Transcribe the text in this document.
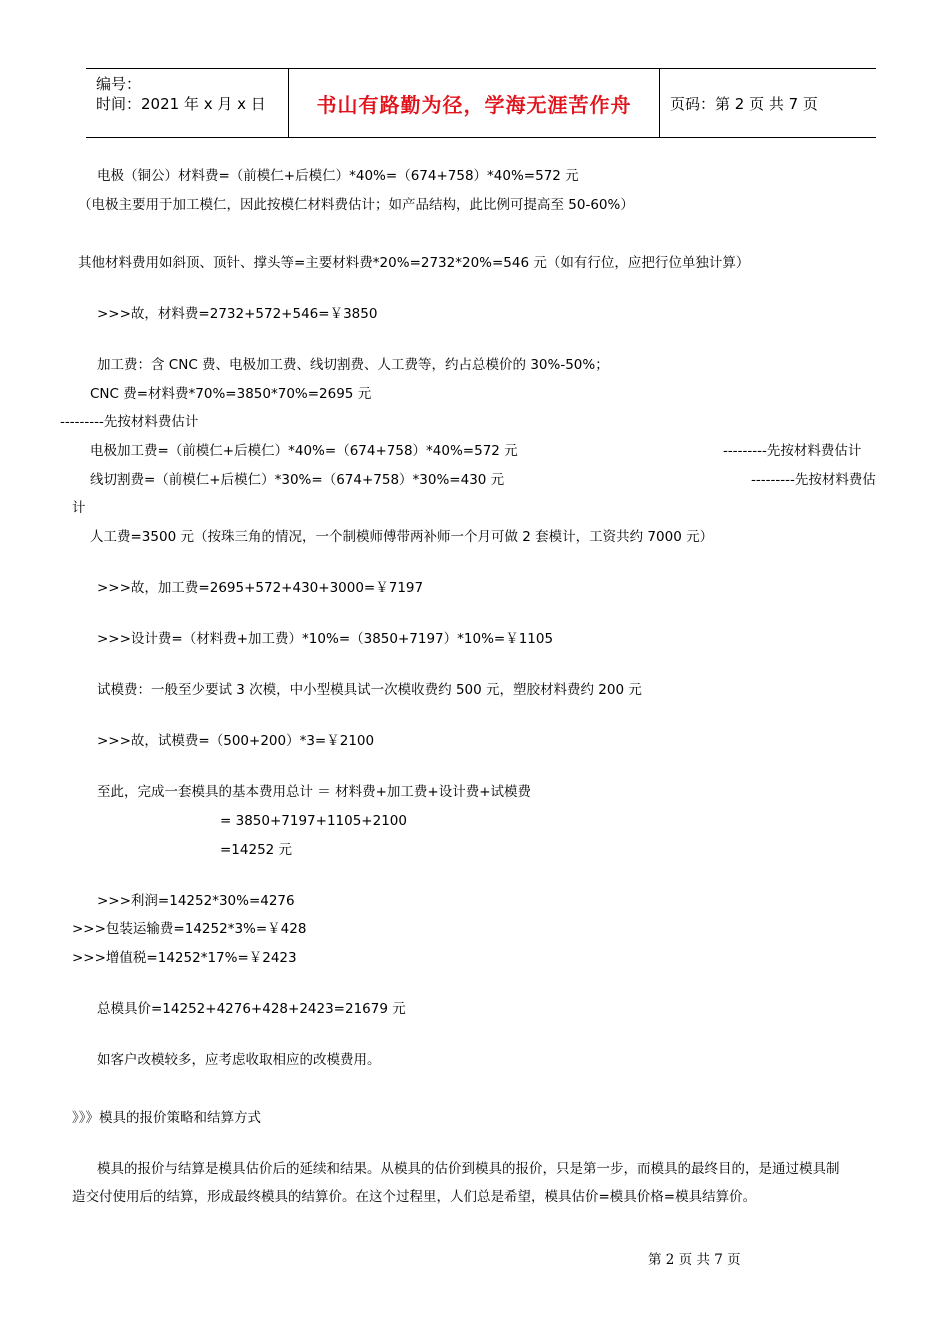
编号：
时间：2021 年 x 月 x 日	书山有路勤为径，学海无涯苦作舟	页码：第 2 页 共 7 页
电极（铜公）材料费=（前模仁+后模仁）*40%=（674+758）*40%=572 元
（电极主要用于加工模仁，因此按模仁材料费估计；如产品结构，此比例可提高至 50-60%）
其他材料费用如斜顶、顶针、撑头等=主要材料费*20%=2732*20%=546 元（如有行位，应把行位单独计算）
>>>故，材料费=2732+572+546=￥3850
加工费：含 CNC 费、电极加工费、线切割费、人工费等，约占总模价的 30%-50%；
CNC 费=材料费*70%=3850*70%=2695 元
---------先按材料费估计
电极加工费=（前模仁+后模仁）*40%=（674+758）*40%=572 元	---------先按材料费估计
线切割费=（前模仁+后模仁）*30%=（674+758）*30%=430 元	---------先按材料费估
计
人工费=3500 元（按珠三角的情况，一个制模师傅带两补师一个月可做 2 套模计，工资共约 7000 元）
>>>故，加工费=2695+572+430+3000=￥7197
>>>设计费=（材料费+加工费）*10%=（3850+7197）*10%=￥1105
试模费：一般至少要试 3 次模，中小型模具试一次模收费约 500 元，塑胶材料费约 200 元
>>>故，试模费=（500+200）*3=￥2100
至此，完成一套模具的基本费用总计 ＝ 材料费+加工费+设计费+试模费
= 3850+7197+1105+2100
=14252 元
>>>利润=14252*30%=4276
>>>包装运输费=14252*3%=￥428
>>>增值税=14252*17%=￥2423
总模具价=14252+4276+428+2423=21679 元
如客户改模较多，应考虑收取相应的改模费用。
》》》模具的报价策略和结算方式
模具的报价与结算是模具估价后的延续和结果。从模具的估价到模具的报价，只是第一步，而模具的最终目的，是通过模具制
造交付使用后的结算，形成最终模具的结算价。在这个过程里，人们总是希望，模具估价=模具价格=模具结算价。
第 2 页 共 7 页
